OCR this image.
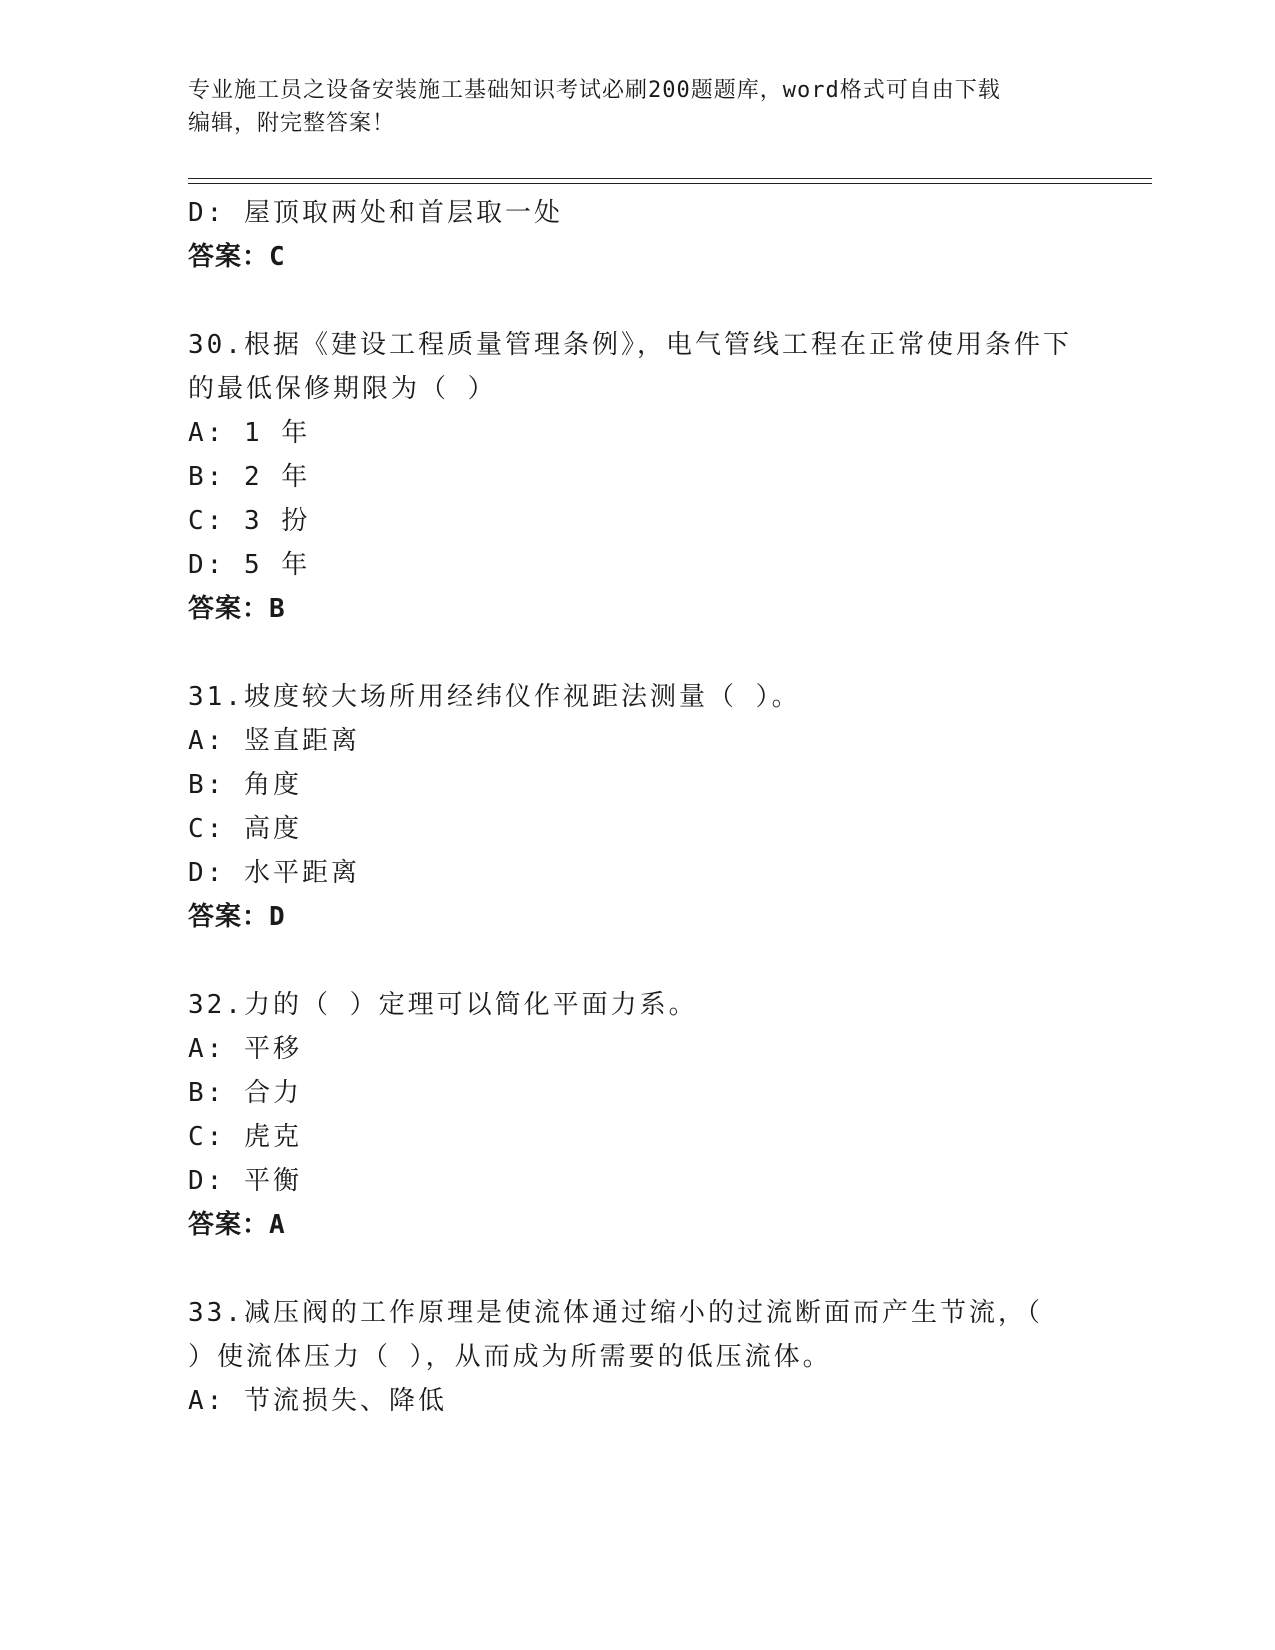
专业施工员之设备安装施工基础知识考试必刷200题题库，word格式可自由下载
编辑，附完整答案！
D: 屋顶取两处和首层取一处
答案：C
30.根据《建设工程质量管理条例》，电气管线工程在正常使用条件下
的最低保修期限为（ ）
A: 1 年
B: 2 年
C: 3 扮
D: 5 年
答案：B
31.坡度较大场所用经纬仪作视距法测量（ ）。
A: 竖直距离
B: 角度
C: 高度
D: 水平距离
答案：D
32.力的（ ）定理可以简化平面力系。
A: 平移
B: 合力
C: 虎克
D: 平衡
答案：A
33.减压阀的工作原理是使流体通过缩小的过流断面而产生节流，（
）使流体压力（ ），从而成为所需要的低压流体。
A: 节流损失、降低
